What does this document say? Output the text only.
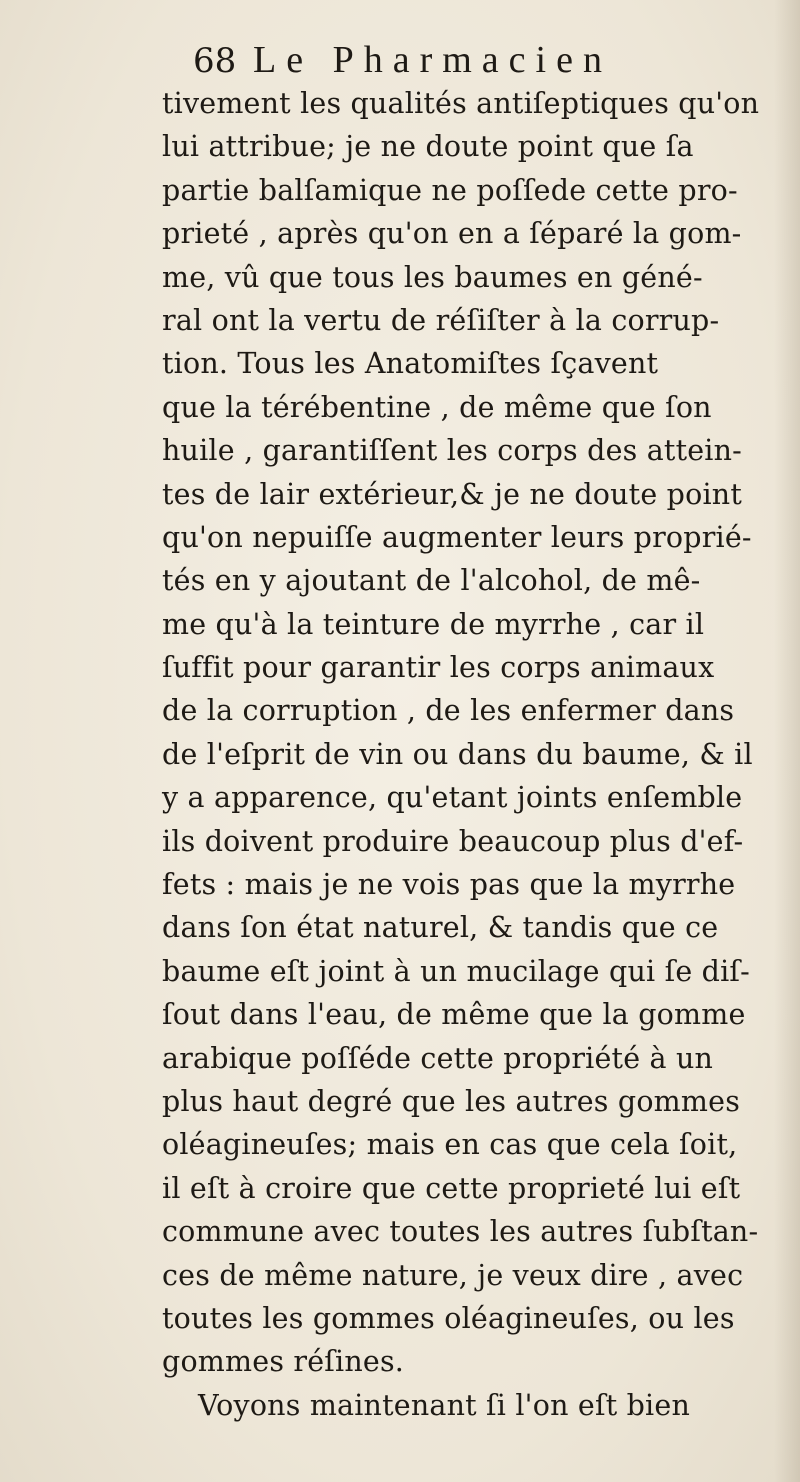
68 Le Pharmacien
tivement les qualités antiſeptiques qu'on
lui attribue; je ne doute point que ſa
partie balſamique ne poſſede cette pro-
prieté , après qu'on en a ſéparé la gom-
me, vû que tous les baumes en géné-
ral ont la vertu de réſiſter à la corrup-
tion. Tous les Anatomiſtes ſçavent
que la térébentine , de même que ſon
huile , garantiſſent les corps des attein-
tes de lair extérieur,& je ne doute point
qu'on nepuiſſe augmenter leurs proprié-
tés en y ajoutant de l'alcohol, de mê-
me qu'à la teinture de myrrhe , car il
ſuffit pour garantir les corps animaux
de la corruption , de les enfermer dans
de l'eſprit de vin ou dans du baume, & il
y a apparence, qu'etant joints enſemble
ils doivent produire beaucoup plus d'ef-
fets : mais je ne vois pas que la myrrhe
dans ſon état naturel, & tandis que ce
baume eſt joint à un mucilage qui ſe diſ-
ſout dans l'eau, de même que la gomme
arabique poſſéde cette propriété à un
plus haut degré que les autres gommes
oléagineuſes; mais en cas que cela ſoit,
il eſt à croire que cette proprieté lui eſt
commune avec toutes les autres ſubſtan-
ces de même nature, je veux dire , avec
toutes les gommes oléagineuſes, ou les
gommes réſines.
Voyons maintenant ſi l'on eſt bien
